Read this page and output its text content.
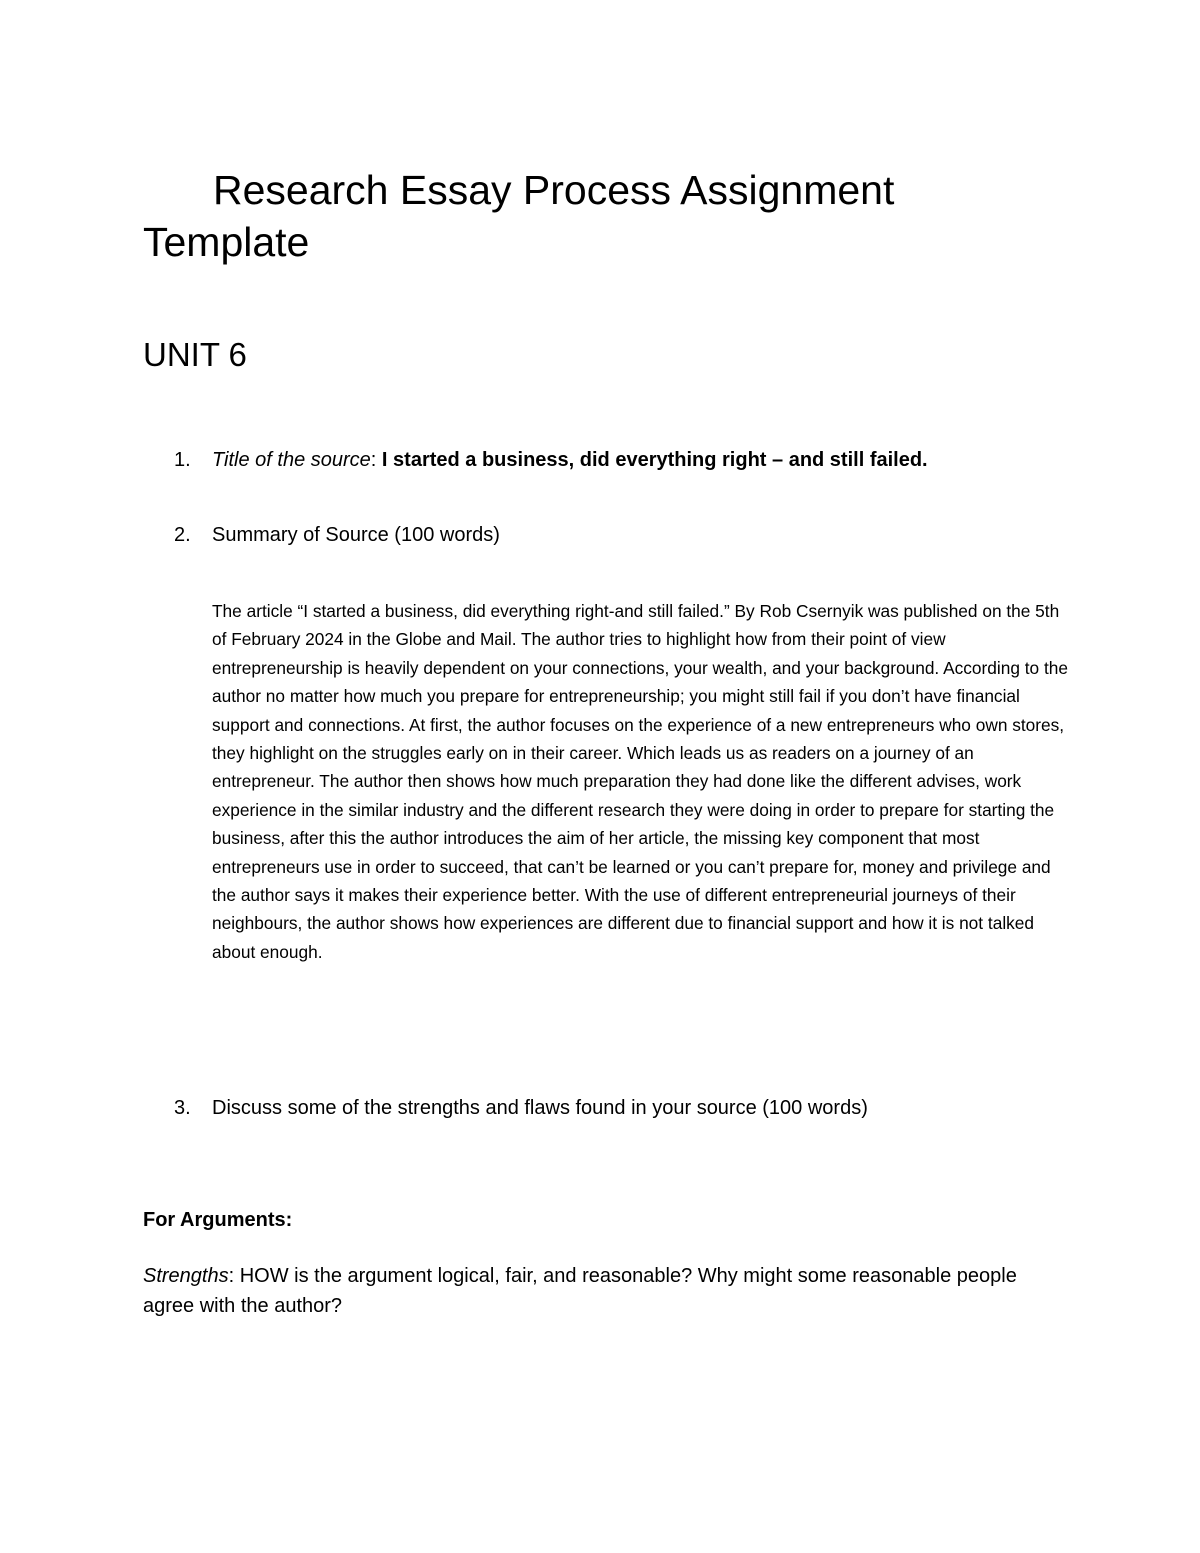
Research Essay Process Assignment Template
UNIT 6
1. Title of the source: I started a business, did everything right – and still failed.
2. Summary of Source (100 words)

The article “I started a business, did everything right-and still failed.” By Rob Csernyik was published on the 5th of February 2024 in the Globe and Mail. The author tries to highlight how from their point of view entrepreneurship is heavily dependent on your connections, your wealth, and your background. According to the author no matter how much you prepare for entrepreneurship; you might still fail if you don’t have financial support and connections. At first, the author focuses on the experience of a new entrepreneurs who own stores, they highlight on the struggles early on in their career. Which leads us as readers on a journey of an entrepreneur. The author then shows how much preparation they had done like the different advises, work experience in the similar industry and the different research they were doing in order to prepare for starting the business, after this the author introduces the aim of her article, the missing key component that most entrepreneurs use in order to succeed, that can’t be learned or you can’t prepare for, money and privilege and the author says it makes their experience better. With the use of different entrepreneurial journeys of their neighbours, the author shows how experiences are different due to financial support and how it is not talked about enough.

3. Discuss some of the strengths and flaws found in your source (100 words)

For Arguments:

Strengths: HOW is the argument logical, fair, and reasonable? Why might some reasonable people agree with the author?
